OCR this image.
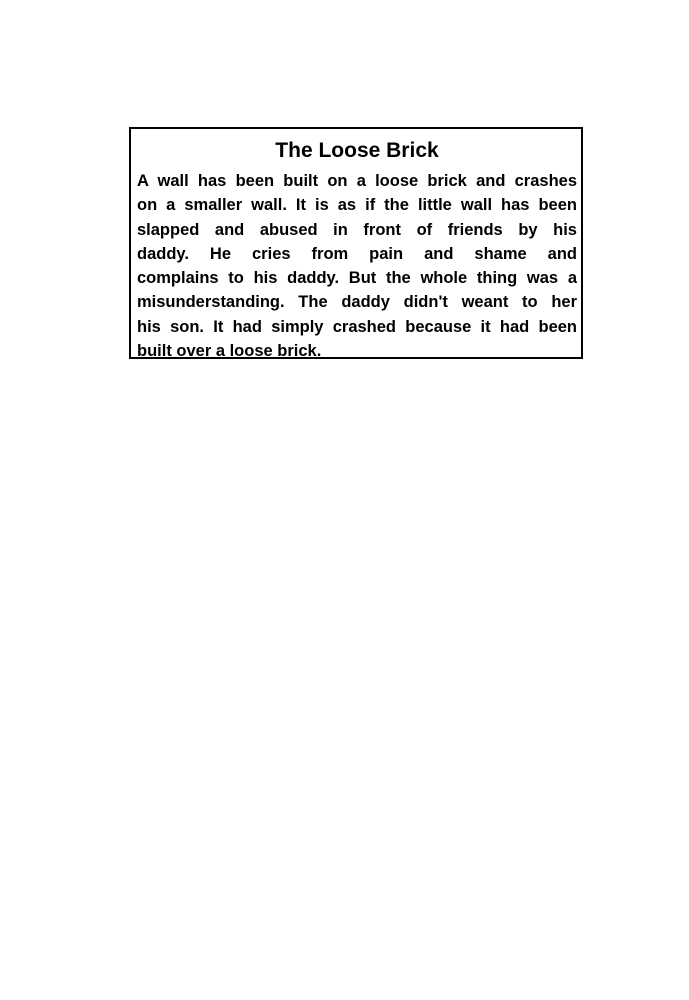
The Loose Brick

A wall has been built on a loose brick and crashes
on a smaller wall. It is as if the little wall has been
slapped and abused in front of friends by his
daddy. He cries from pain and shame and
complains to his daddy. But the whole thing was a
misunderstanding. The daddy didn't weant to her
his son. It had simply crashed because it had been
built over a loose brick.
